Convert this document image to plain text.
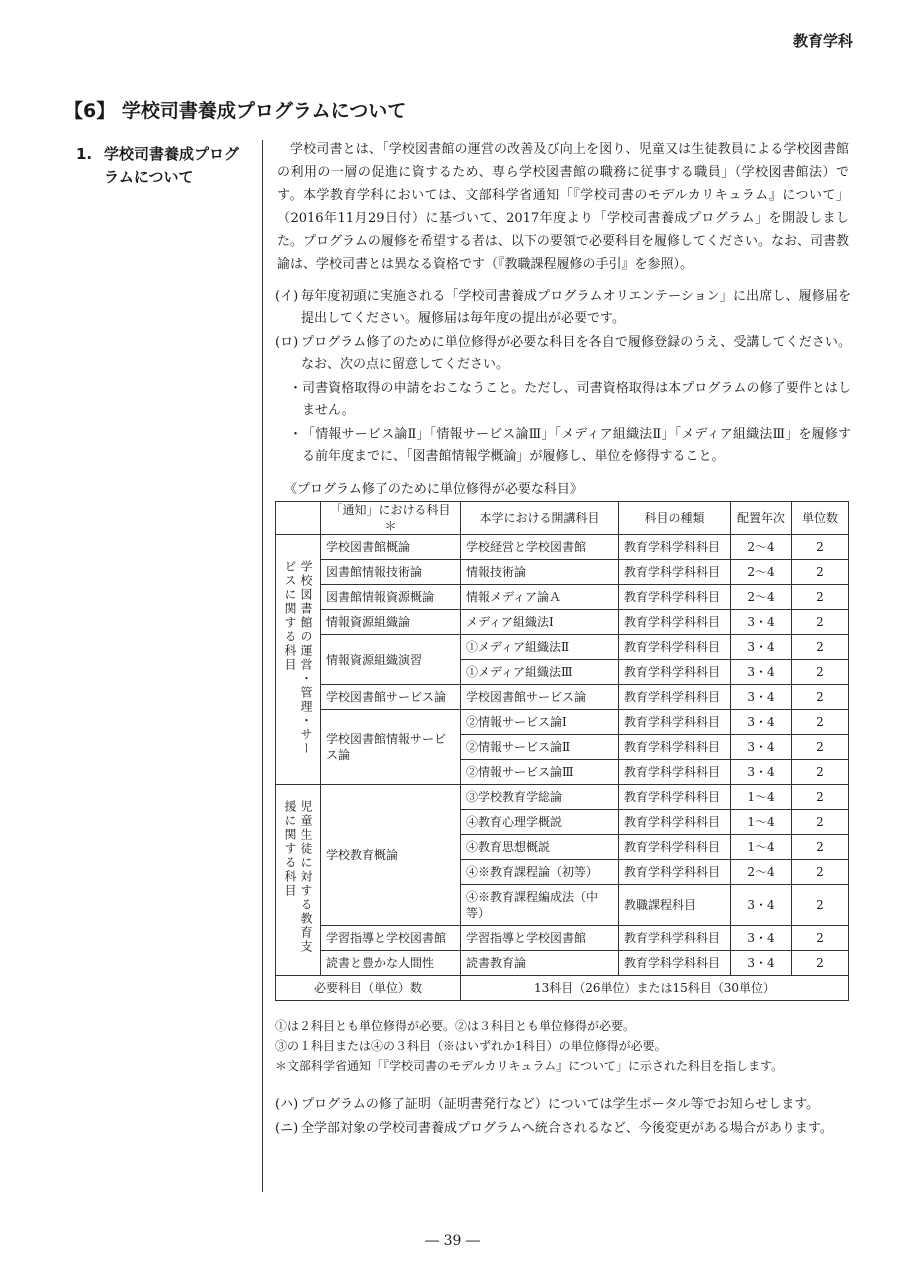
教育学科
【6】 学校司書養成プログラムについて
1. 学校司書養成プログ
ラムについて

学校司書とは、「学校図書館の運営の改善及び向上を図り、児童又は生徒教員による学校図書館の利用の一層の促進に資するため、専ら学校図書館の職務に従事する職員」（学校図書館法）です。本学教育学科においては、文部科学省通知「『学校司書のモデルカリキュラム』について」（2016年11月29日付）に基づいて、2017年度より「学校司書養成プログラム」を開設しました。プログラムの履修を希望する者は、以下の要領で必要科目を履修してください。なお、司書教諭は、学校司書とは異なる資格です（『教職課程履修の手引』を参照）。

(イ) 毎年度初頭に実施される「学校司書養成プログラムオリエンテーション」に出席し、履修届を提出してください。履修届は毎年度の提出が必要です。
(ロ) プログラム修了のために単位修得が必要な科目を各自で履修登録のうえ、受講してください。なお、次の点に留意してください。
・ 司書資格取得の申請をおこなうこと。ただし、司書資格取得は本プログラムの修了要件とはしません。
・ 「情報サービス論Ⅱ」「情報サービス論Ⅲ」「メディア組織法Ⅱ」「メディア組織法Ⅲ」を履修する前年度までに、「図書館情報学概論」が履修し、単位を修得すること。
《プログラム修了のために単位修得が必要な科目》
	「通知」における科目＊	本学における開講科目	科目の種類	配置年次	単位数

学校図書館の運営・管理・サービスに関する科目	学校図書館概論	学校経営と学校図書館	教育学科学科科目	2〜4	2
	図書館情報技術論	情報技術論	教育学科学科科目	2〜4	2
	図書館情報資源概論	情報メディア論Ａ	教育学科学科科目	2〜4	2
	情報資源組織論	メディア組織法Ⅰ	教育学科学科科目	3・4	2
	情報資源組織演習	①メディア組織法Ⅱ	教育学科学科科目	3・4	2
		①メディア組織法Ⅲ	教育学科学科科目	3・4	2
	学校図書館サービス論	学校図書館サービス論	教育学科学科科目	3・4	2
	学校図書館情報サービス論	②情報サービス論Ⅰ	教育学科学科科目	3・4	2
		②情報サービス論Ⅱ	教育学科学科科目	3・4	2
		②情報サービス論Ⅲ	教育学科学科科目	3・4	2

児童生徒に対する教育支援に関する科目	学校教育概論	③学校教育学総論	教育学科学科科目	1〜4	2
		④教育心理学概説	教育学科学科科目	1〜4	2
		④教育思想概説	教育学科学科科目	1〜4	2
		④※教育課程論（初等）	教育学科学科科目	2〜4	2
		④※教育課程編成法（中等）	教職課程科目	3・4	2
	学習指導と学校図書館	学習指導と学校図書館	教育学科学科科目	3・4	2
	読書と豊かな人間性	読書教育論	教育学科学科科目	3・4	2
必要科目（単位）数		13科目（26単位）または15科目（30単位）			
①は２科目とも単位修得が必要。②は３科目とも単位修得が必要。
③の１科目または④の３科目（※はいずれか1科目）の単位修得が必要。
＊文部科学省通知「『学校司書のモデルカリキュラム』について」に示された科目を指します。
(ハ) プログラムの修了証明（証明書発行など）については学生ポータル等でお知らせします。
(ニ) 全学部対象の学校司書養成プログラムへ統合されるなど、今後変更がある場合があります。
― 39 ―
